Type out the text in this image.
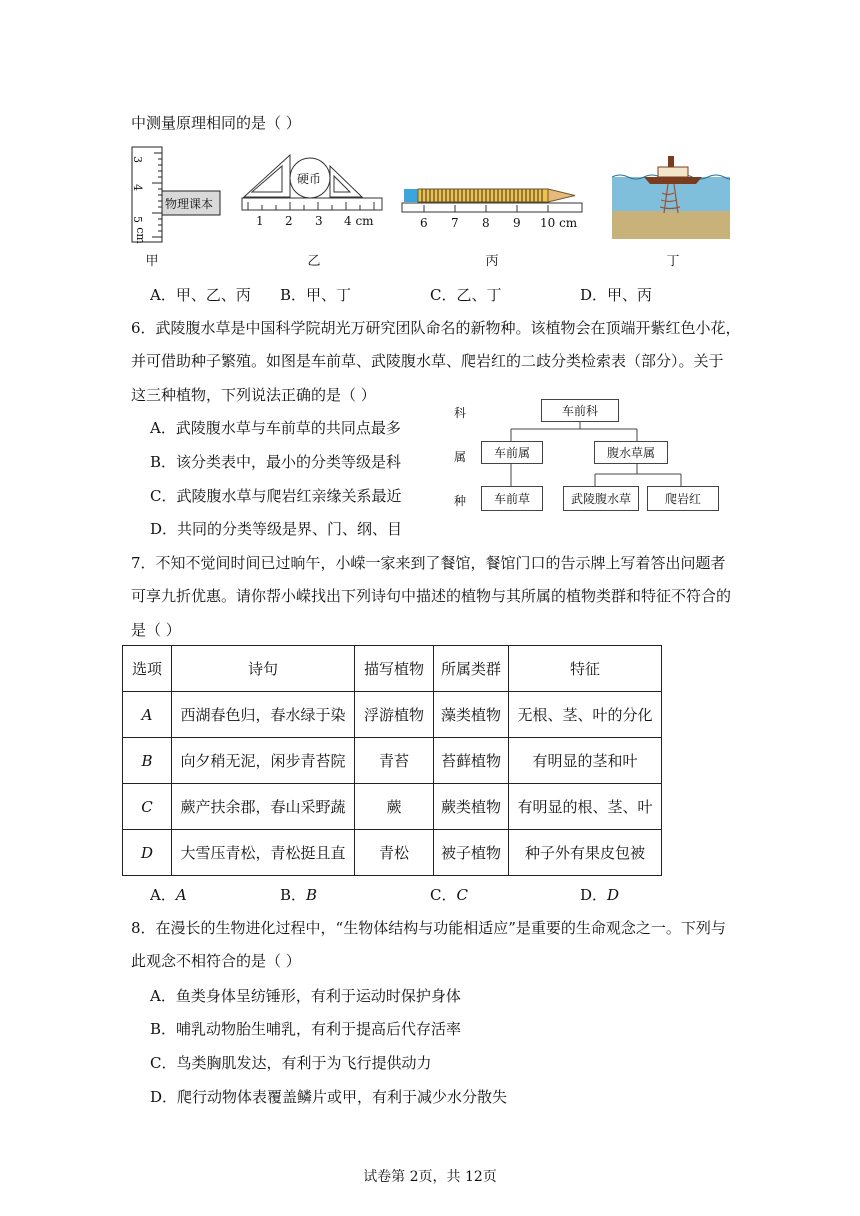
中测量原理相同的是（ ）
3
4
5
cm
物理课本
甲
硬币
1 2 3 4 cm
乙
6 7 8 9 10 cm
丙	丁
A．甲、乙、丙 B．甲、丁	C．乙、丁	D．甲、丙
6．武陵腹水草是中国科学院胡光万研究团队命名的新物种。该植物会在顶端开紫红色小花，
并可借助种子繁殖。如图是车前草、武陵腹水草、爬岩红的二歧分类检索表（部分）。关于
这三种植物，下列说法正确的是（ ）
A．武陵腹水草与车前草的共同点最多
B．该分类表中，最小的分类等级是科
C．武陵腹水草与爬岩红亲缘关系最近
D．共同的分类等级是界、门、纲、目
科
属
种
车前科
车前属	腹水草属
车前草	武陵腹水草	爬岩红
7．不知不觉间时间已过晌午，小嵘一家来到了餐馆，餐馆门口的告示牌上写着答出问题者
可享九折优惠。请你帮小嵘找出下列诗句中描述的植物与其所属的植物类群和特征不符合的
是（ ）
选项	诗句	描写植物	所属类群	特征
A	西湖春色归，春水绿于染	浮游植物	藻类植物	无根、茎、叶的分化
B	向夕稍无泥，闲步青苔院	青苔	苔藓植物	有明显的茎和叶
C	蕨产扶余郡，春山采野蔬	蕨	蕨类植物	有明显的根、茎、叶
D	大雪压青松，青松挺且直	青松	被子植物	种子外有果皮包被
A．A	B．B	C．C	D．D
8．在漫长的生物进化过程中，“生物体结构与功能相适应”是重要的生命观念之一。下列与
此观念不相符合的是（ ）
A．鱼类身体呈纺锤形，有利于运动时保护身体
B．哺乳动物胎生哺乳，有利于提高后代存活率
C．鸟类胸肌发达，有利于为飞行提供动力
D．爬行动物体表覆盖鳞片或甲，有利于减少水分散失
试卷第 2页，共 12页
